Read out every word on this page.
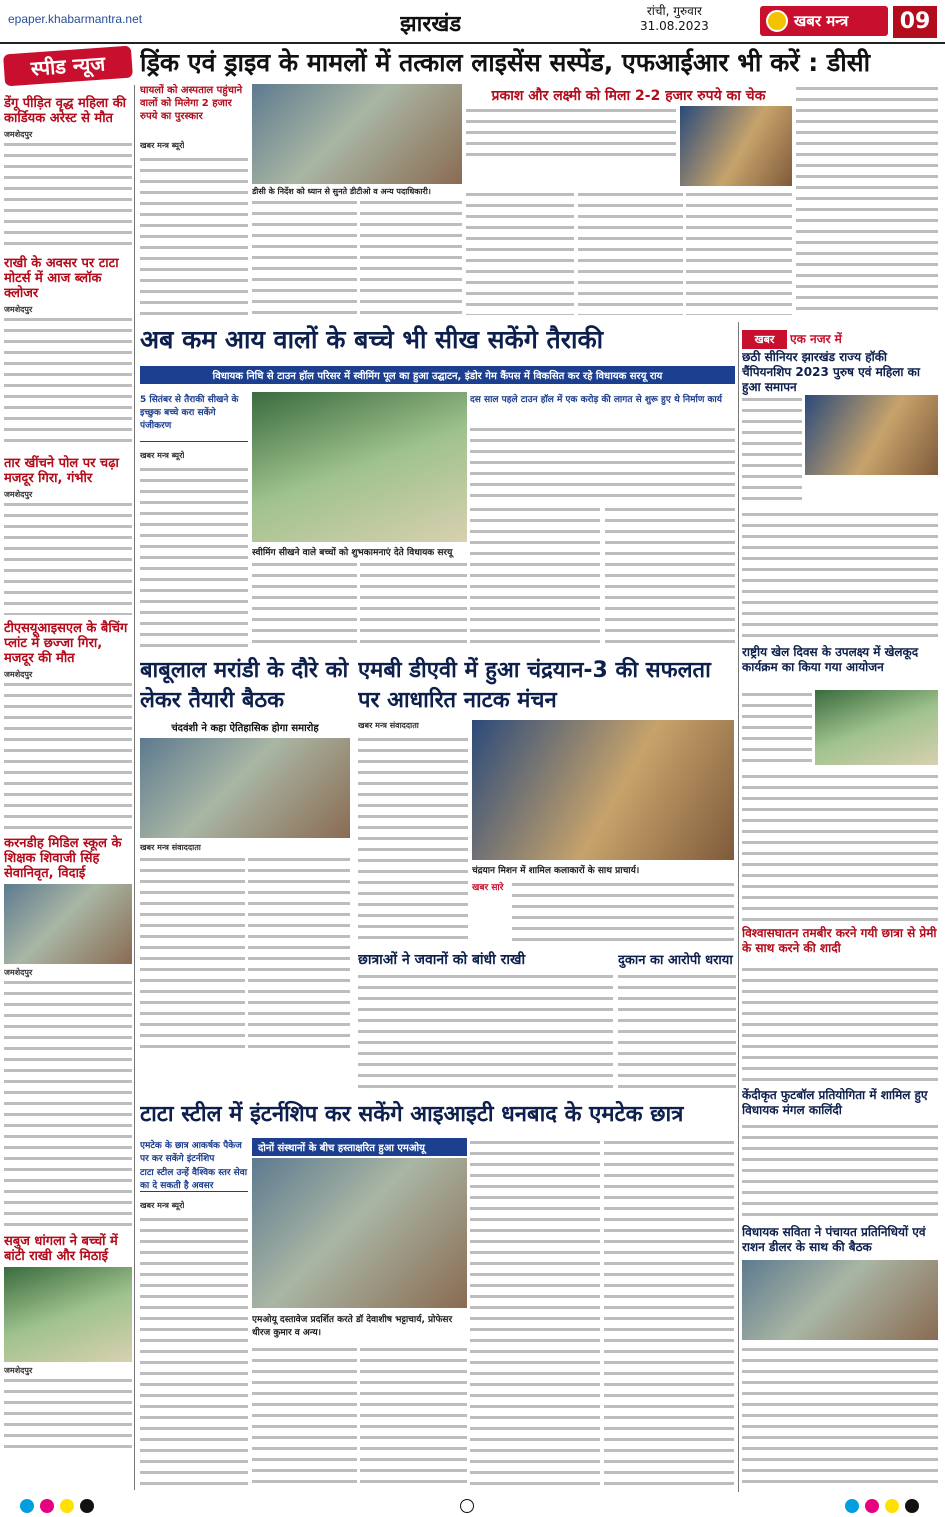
epaper.khabarmantra.net	झारखंड
रांची, गुरुवार
31.08.2023	खबर मन्त्र	09
स्पीड न्यूज	ड्रिंक एवं ड्राइव के मामलों में तत्काल लाइसेंस सस्पेंड, एफआईआर भी करें : डीसी
डेंगू पीड़ित वृद्ध महिला की कार्डियक अरेस्ट से मौत
जमशेदपुर
राखी के अवसर पर टाटा मोटर्स में आज ब्लॉक क्लोजर
जमशेदपुर
तार खींचने पोल पर चढ़ा मजदूर गिरा, गंभीर
जमशेदपुर
टीएसयूआइसएल के बैचिंग प्लांट में छज्जा गिरा, मजदूर की मौत
जमशेदपुर
करनडीह मिडिल स्कूल के शिक्षक शिवाजी सिंह सेवानिवृत, विदाई
जमशेदपुर
सबुज धांगला ने बच्चों में बांटी राखी और मिठाई
जमशेदपुर
घायलों को अस्पताल पहुंचाने वालों को मिलेगा 2 हजार रुपये का पुरस्कार
डीसी के निर्देश को ध्यान से सुनते डीटीओ व अन्य पदाधिकारी।
खबर मन्त्र ब्यूरो
प्रकाश और लक्ष्मी को मिला 2-2 हजार रुपये का चेक
अब कम आय वालों के बच्चे भी सीख सकेंगे तैराकी
विधायक निधि से टाउन हॉल परिसर में स्वीमिंग पूल का हुआ उद्घाटन, इंडोर गेम कैंपस में विकसित कर रहे विधायक सरयू राय
5 सितंबर से तैराकी सीखने के इच्छुक बच्चे करा सकेंगे पंजीकरण
खबर मन्त्र ब्यूरो
स्वीमिंग सीखने वाले बच्चों को शुभकामनाएं देते विधायक सरयू
दस साल पहले टाउन हॉल में एक करोड़ की लागत से शुरू हुए थे निर्माण कार्य
खबर	एक नजर में
छठी सीनियर झारखंड राज्य हॉकी चैंपियनशिप 2023 पुरुष एवं महिला का हुआ समापन
राष्ट्रीय खेल दिवस के उपलक्ष्य में खेलकूद कार्यक्रम का किया गया आयोजन
विश्वासघातन तमबीर करने गयी छात्रा से प्रेमी के साथ करने की शादी
केंदीकृत फुटबॉल प्रतियोगिता में शामिल हुए विधायक मंगल कालिंदी
विधायक सविता ने पंचायत प्रतिनिधियों एवं राशन डीलर के साथ की बैठक
बाबूलाल मरांडी के दौरे को लेकर तैयारी बैठक
चंदवंशी ने कहा ऐतिहासिक होगा समारोह
खबर मन्त्र संवाददाता
एमबी डीएवी में हुआ चंद्रयान-3 की सफलता पर आधारित नाटक मंचन
खबर मन्त्र संवाददाता
चंद्रयान मिशन में शामिल कलाकारों के साथ प्राचार्य।
खबर सारे
छात्राओं ने जवानों को बांधी राखी	दुकान का आरोपी धराया
टाटा स्टील में इंटर्नशिप कर सकेंगे आइआइटी धनबाद के एमटेक छात्र
एमटेक के छात्र आकर्षक पैकेज पर कर सकेंगे इंटर्नशिप
टाटा स्टील उन्हें वैश्विक स्तर सेवा का दे सकती है अवसर
खबर मन्त्र ब्यूरो
दोनों संस्थानों के बीच हस्ताक्षरित हुआ एमओयू
एमओयू दस्तावेज प्रदर्शित करते डॉ देवाशीष भट्टाचार्य, प्रोफेसर धीरज कुमार व अन्य।
